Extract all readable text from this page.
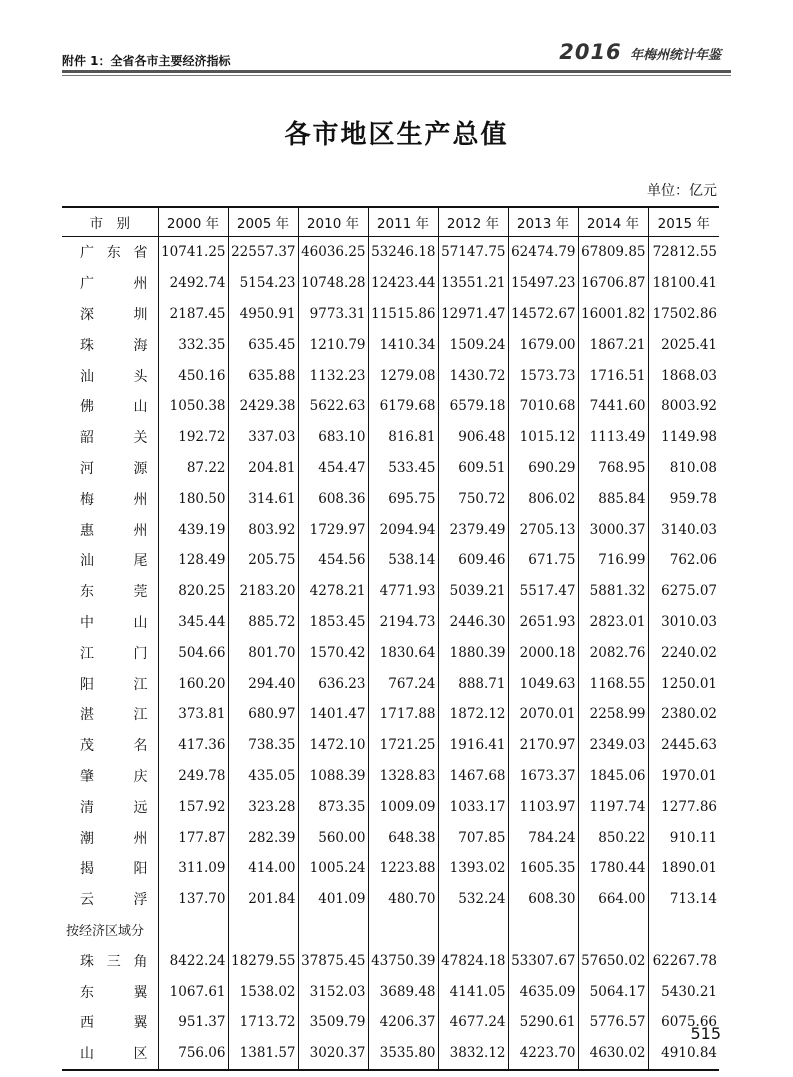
附件 1：全省各市主要经济指标	2016 年梅州统计年鉴
各市地区生产总值
单位：亿元
市　别	2000 年	2005 年	2010 年	2011 年	2012 年	2013 年	2014 年	2015 年
广东省	10741.25	22557.37	46036.25	53246.18	57147.75	62474.79	67809.85	72812.55
广州	2492.74	5154.23	10748.28	12423.44	13551.21	15497.23	16706.87	18100.41
深圳	2187.45	4950.91	9773.31	11515.86	12971.47	14572.67	16001.82	17502.86
珠海	332.35	635.45	1210.79	1410.34	1509.24	1679.00	1867.21	2025.41
汕头	450.16	635.88	1132.23	1279.08	1430.72	1573.73	1716.51	1868.03
佛山	1050.38	2429.38	5622.63	6179.68	6579.18	7010.68	7441.60	8003.92
韶关	192.72	337.03	683.10	816.81	906.48	1015.12	1113.49	1149.98
河源	87.22	204.81	454.47	533.45	609.51	690.29	768.95	810.08
梅州	180.50	314.61	608.36	695.75	750.72	806.02	885.84	959.78
惠州	439.19	803.92	1729.97	2094.94	2379.49	2705.13	3000.37	3140.03
汕尾	128.49	205.75	454.56	538.14	609.46	671.75	716.99	762.06
东莞	820.25	2183.20	4278.21	4771.93	5039.21	5517.47	5881.32	6275.07
中山	345.44	885.72	1853.45	2194.73	2446.30	2651.93	2823.01	3010.03
江门	504.66	801.70	1570.42	1830.64	1880.39	2000.18	2082.76	2240.02
阳江	160.20	294.40	636.23	767.24	888.71	1049.63	1168.55	1250.01
湛江	373.81	680.97	1401.47	1717.88	1872.12	2070.01	2258.99	2380.02
茂名	417.36	738.35	1472.10	1721.25	1916.41	2170.97	2349.03	2445.63
肇庆	249.78	435.05	1088.39	1328.83	1467.68	1673.37	1845.06	1970.01
清远	157.92	323.28	873.35	1009.09	1033.17	1103.97	1197.74	1277.86
潮州	177.87	282.39	560.00	648.38	707.85	784.24	850.22	910.11
揭阳	311.09	414.00	1005.24	1223.88	1393.02	1605.35	1780.44	1890.01
云浮	137.70	201.84	401.09	480.70	532.24	608.30	664.00	713.14
按经济区域分								
珠三角	8422.24	18279.55	37875.45	43750.39	47824.18	53307.67	57650.02	62267.78
东翼	1067.61	1538.02	3152.03	3689.48	4141.05	4635.09	5064.17	5430.21
西翼	951.37	1713.72	3509.79	4206.37	4677.24	5290.61	5776.57	6075.66
山区	756.06	1381.57	3020.37	3535.80	3832.12	4223.70	4630.02	4910.84
515
